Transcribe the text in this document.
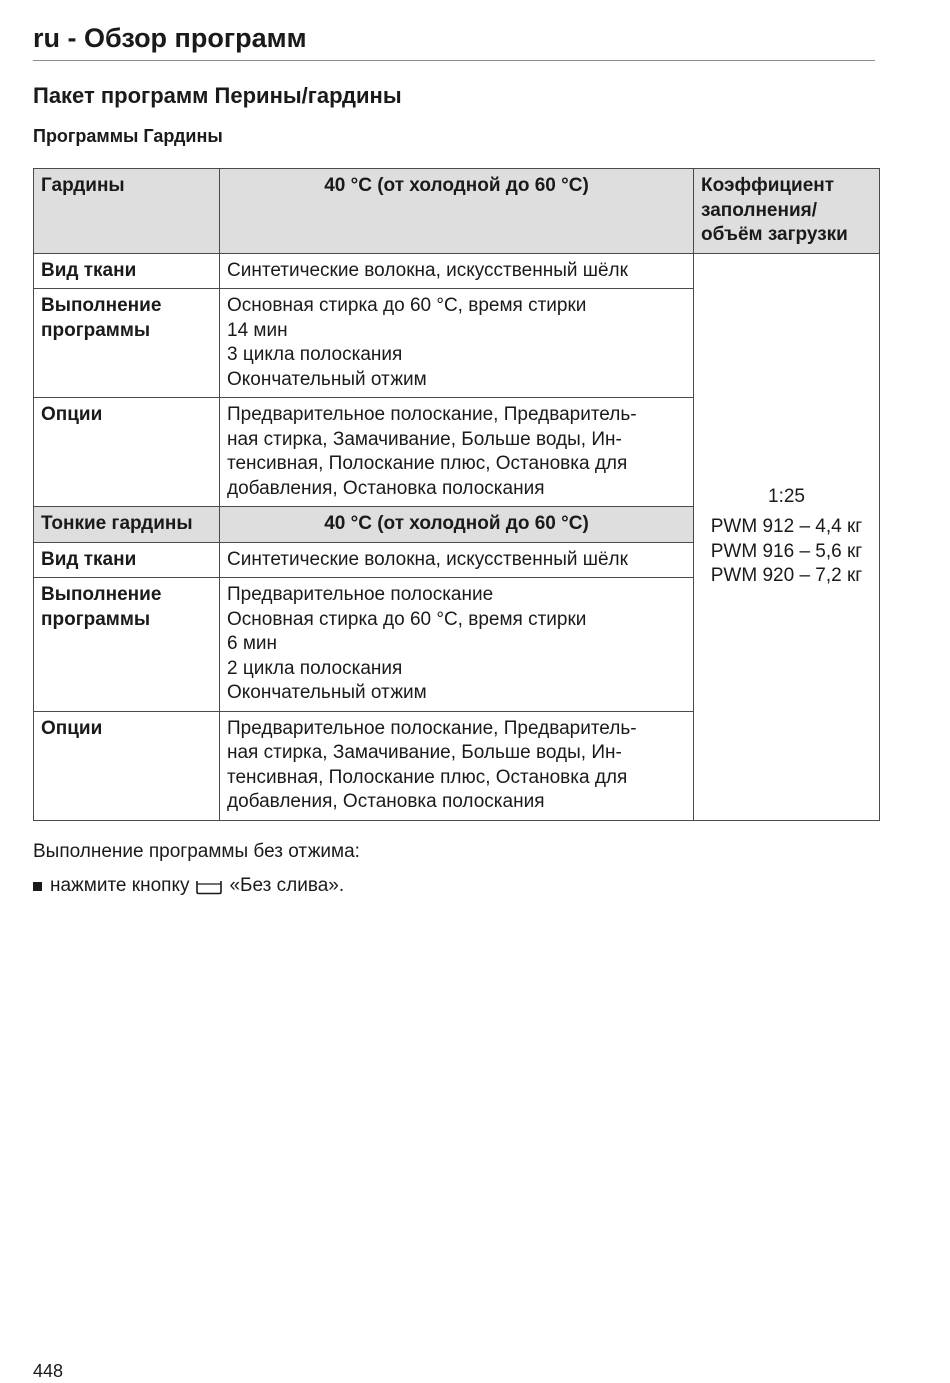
ru - Обзор программ
Пакет программ Перины/гардины
Программы Гардины
Гардины	40 °C (от холодной до 60 °C)	Коэффициент
заполнения/
объём загрузки

Вид ткани	Синтетические волокна, искусственный шёлк	1:25
PWM 912 – 4,4 кг
PWM 916 – 5,6 кг
PWM 920 – 7,2 кг

Выполнение
программы	Основная стирка до 60 °C, время стирки
14 мин
3 цикла полоскания
Окончательный отжим	

Опции	Предварительное полоскание, Предваритель-
ная стирка, Замачивание, Больше воды, Ин-
тенсивная, Полоскание плюс, Остановка для
добавления, Остановка полоскания	

Тонкие гардины	40 °C (от холодной до 60 °C)	

Вид ткани	Синтетические волокна, искусственный шёлк	

Выполнение
программы	Предварительное полоскание
Основная стирка до 60 °C, время стирки
6 мин
2 цикла полоскания
Окончательный отжим	

Опции	Предварительное полоскание, Предваритель-
ная стирка, Замачивание, Больше воды, Ин-
тенсивная, Полоскание плюс, Остановка для
добавления, Остановка полоскания	
Выполнение программы без отжима:
нажмите кнопку «Без слива».
448
